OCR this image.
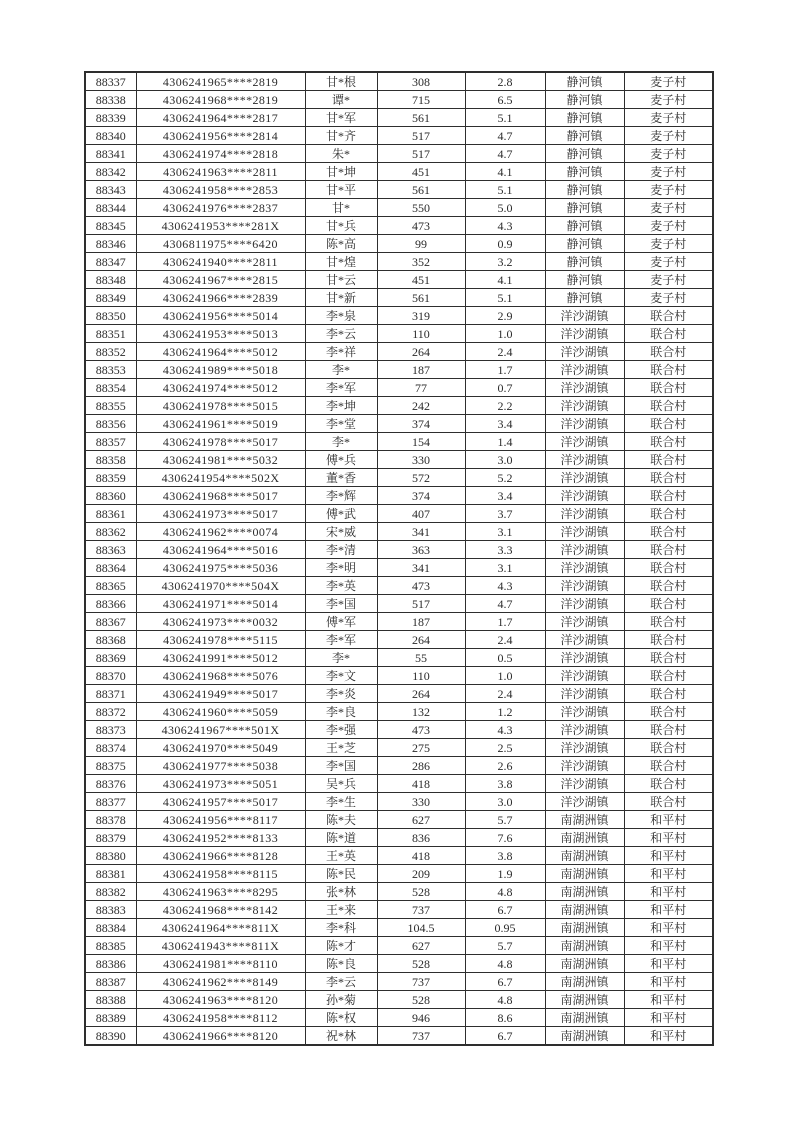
88337	4306241965****2819	甘*根	308	2.8	静河镇	麦子村
88338	4306241968****2819	谭*	715	6.5	静河镇	麦子村
88339	4306241964****2817	甘*军	561	5.1	静河镇	麦子村
88340	4306241956****2814	甘*齐	517	4.7	静河镇	麦子村
88341	4306241974****2818	朱*	517	4.7	静河镇	麦子村
88342	4306241963****2811	甘*坤	451	4.1	静河镇	麦子村
88343	4306241958****2853	甘*平	561	5.1	静河镇	麦子村
88344	4306241976****2837	甘*	550	5.0	静河镇	麦子村
88345	4306241953****281X	甘*兵	473	4.3	静河镇	麦子村
88346	4306811975****6420	陈*高	99	0.9	静河镇	麦子村
88347	4306241940****2811	甘*煌	352	3.2	静河镇	麦子村
88348	4306241967****2815	甘*云	451	4.1	静河镇	麦子村
88349	4306241966****2839	甘*新	561	5.1	静河镇	麦子村
88350	4306241956****5014	李*泉	319	2.9	洋沙湖镇	联合村
88351	4306241953****5013	李*云	110	1.0	洋沙湖镇	联合村
88352	4306241964****5012	李*祥	264	2.4	洋沙湖镇	联合村
88353	4306241989****5018	李*	187	1.7	洋沙湖镇	联合村
88354	4306241974****5012	李*军	77	0.7	洋沙湖镇	联合村
88355	4306241978****5015	李*坤	242	2.2	洋沙湖镇	联合村
88356	4306241961****5019	李*堂	374	3.4	洋沙湖镇	联合村
88357	4306241978****5017	李*	154	1.4	洋沙湖镇	联合村
88358	4306241981****5032	傅*兵	330	3.0	洋沙湖镇	联合村
88359	4306241954****502X	董*香	572	5.2	洋沙湖镇	联合村
88360	4306241968****5017	李*辉	374	3.4	洋沙湖镇	联合村
88361	4306241973****5017	傅*武	407	3.7	洋沙湖镇	联合村
88362	4306241962****0074	宋*威	341	3.1	洋沙湖镇	联合村
88363	4306241964****5016	李*清	363	3.3	洋沙湖镇	联合村
88364	4306241975****5036	李*明	341	3.1	洋沙湖镇	联合村
88365	4306241970****504X	李*英	473	4.3	洋沙湖镇	联合村
88366	4306241971****5014	李*国	517	4.7	洋沙湖镇	联合村
88367	4306241973****0032	傅*军	187	1.7	洋沙湖镇	联合村
88368	4306241978****5115	李*军	264	2.4	洋沙湖镇	联合村
88369	4306241991****5012	李*	55	0.5	洋沙湖镇	联合村
88370	4306241968****5076	李*文	110	1.0	洋沙湖镇	联合村
88371	4306241949****5017	李*炎	264	2.4	洋沙湖镇	联合村
88372	4306241960****5059	李*良	132	1.2	洋沙湖镇	联合村
88373	4306241967****501X	李*强	473	4.3	洋沙湖镇	联合村
88374	4306241970****5049	王*芝	275	2.5	洋沙湖镇	联合村
88375	4306241977****5038	李*国	286	2.6	洋沙湖镇	联合村
88376	4306241973****5051	吴*兵	418	3.8	洋沙湖镇	联合村
88377	4306241957****5017	李*生	330	3.0	洋沙湖镇	联合村
88378	4306241956****8117	陈*夫	627	5.7	南湖洲镇	和平村
88379	4306241952****8133	陈*道	836	7.6	南湖洲镇	和平村
88380	4306241966****8128	王*英	418	3.8	南湖洲镇	和平村
88381	4306241958****8115	陈*民	209	1.9	南湖洲镇	和平村
88382	4306241963****8295	张*林	528	4.8	南湖洲镇	和平村
88383	4306241968****8142	王*来	737	6.7	南湖洲镇	和平村
88384	4306241964****811X	李*科	104.5	0.95	南湖洲镇	和平村
88385	4306241943****811X	陈*才	627	5.7	南湖洲镇	和平村
88386	4306241981****8110	陈*良	528	4.8	南湖洲镇	和平村
88387	4306241962****8149	李*云	737	6.7	南湖洲镇	和平村
88388	4306241963****8120	孙*菊	528	4.8	南湖洲镇	和平村
88389	4306241958****8112	陈*权	946	8.6	南湖洲镇	和平村
88390	4306241966****8120	祝*林	737	6.7	南湖洲镇	和平村
